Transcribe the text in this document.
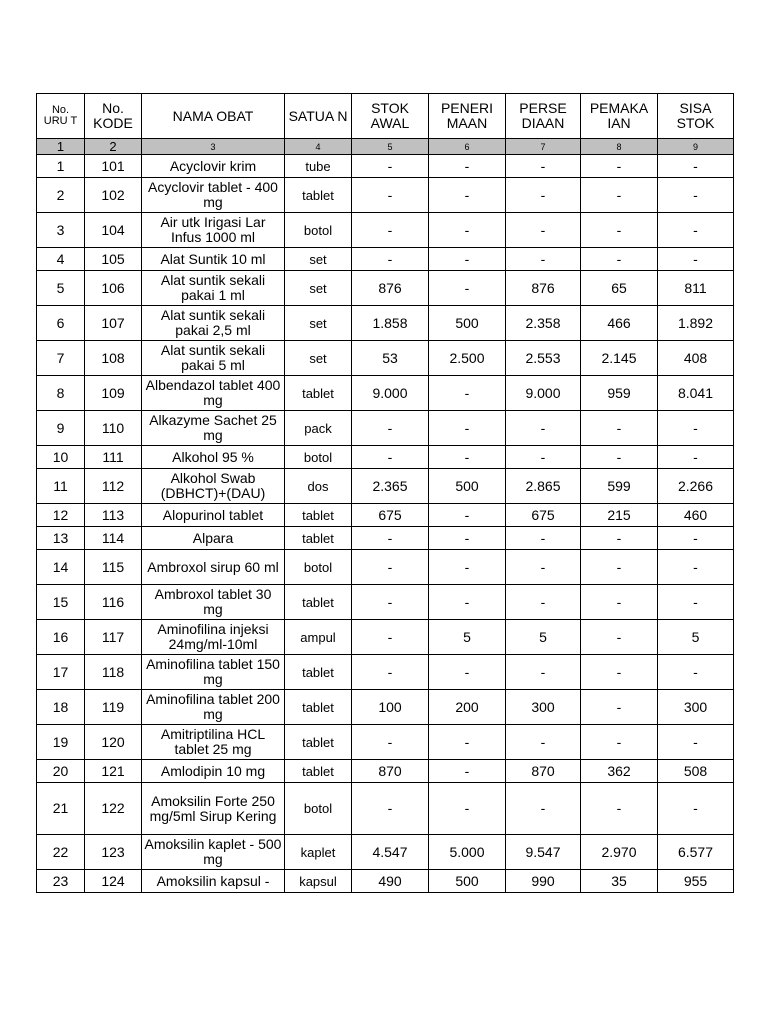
No. URU T	No. KODE	NAMA OBAT	SATUA N	STOK AWAL	PENERI MAAN	PERSE DIAAN	PEMAKA IAN	SISA STOK
1	2	3	4	5	6	7	8	9
1	101	Acyclovir krim	tube	-	-	-	-	-
2	102	Acyclovir tablet - 400 mg	tablet	-	-	-	-	-
3	104	Air utk Irigasi Lar Infus 1000 ml	botol	-	-	-	-	-
4	105	Alat Suntik 10 ml	set	-	-	-	-	-
5	106	Alat suntik sekali pakai 1 ml	set	876	-	876	65	811
6	107	Alat suntik sekali pakai 2,5 ml	set	1.858	500	2.358	466	1.892
7	108	Alat suntik sekali pakai 5 ml	set	53	2.500	2.553	2.145	408
8	109	Albendazol tablet 400 mg	tablet	9.000	-	9.000	959	8.041
9	110	Alkazyme Sachet 25 mg	pack	-	-	-	-	-
10	111	Alkohol 95 %	botol	-	-	-	-	-
11	112	Alkohol Swab (DBHCT)+(DAU)	dos	2.365	500	2.865	599	2.266
12	113	Alopurinol tablet	tablet	675	-	675	215	460
13	114	Alpara	tablet	-	-	-	-	-
14	115	Ambroxol sirup 60 ml	botol	-	-	-	-	-
15	116	Ambroxol tablet 30 mg	tablet	-	-	-	-	-
16	117	Aminofilina injeksi 24mg/ml-10ml	ampul	-	5	5	-	5
17	118	Aminofilina tablet 150 mg	tablet	-	-	-	-	-
18	119	Aminofilina tablet 200 mg	tablet	100	200	300	-	300
19	120	Amitriptilina HCL tablet 25 mg	tablet	-	-	-	-	-
20	121	Amlodipin 10 mg	tablet	870	-	870	362	508
21	122	Amoksilin Forte 250 mg/5ml Sirup Kering	botol	-	-	-	-	-
22	123	Amoksilin kaplet - 500 mg	kaplet	4.547	5.000	9.547	2.970	6.577
23	124	Amoksilin kapsul -	kapsul	490	500	990	35	955
